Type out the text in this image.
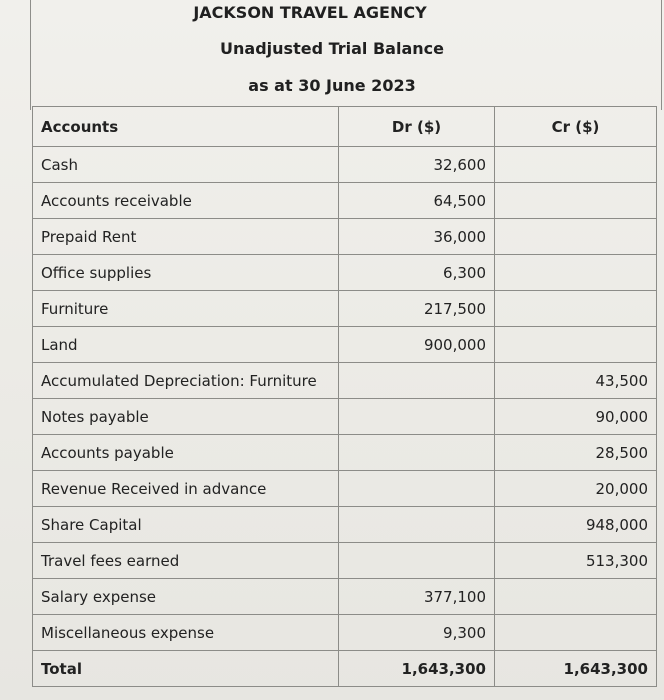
JACKSON TRAVEL AGENCY
Unadjusted Trial Balance
as at 30 June 2023
Accounts	Dr ($)	Cr ($)
Cash	32,600	
Accounts receivable	64,500	
Prepaid Rent	36,000	
Office supplies	6,300	
Furniture	217,500	
Land	900,000	
Accumulated Depreciation: Furniture		43,500
Notes payable		90,000
Accounts payable		28,500
Revenue Received in advance		20,000
Share Capital		948,000
Travel fees earned		513,300
Salary expense	377,100	
Miscellaneous expense	9,300	
Total	1,643,300	1,643,300
